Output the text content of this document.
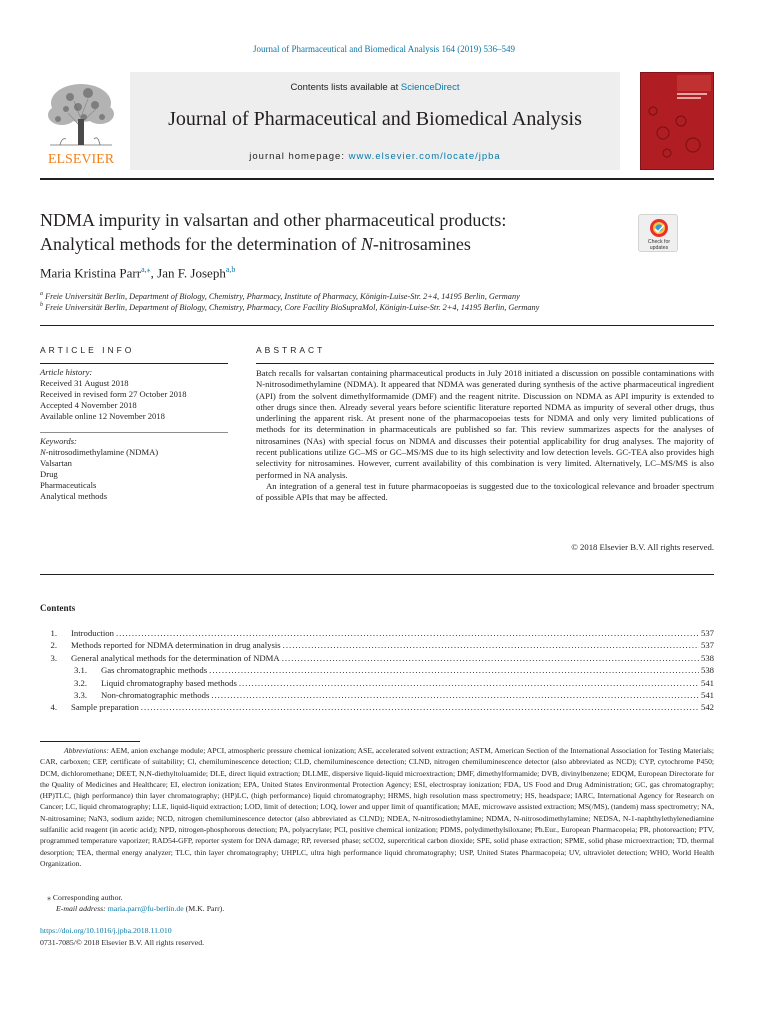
Journal of Pharmaceutical and Biomedical Analysis 164 (2019) 536–549
ELSEVIER
Contents lists available at ScienceDirect
Journal of Pharmaceutical and Biomedical Analysis
journal homepage: www.elsevier.com/locate/jpba
NDMA impurity in valsartan and other pharmaceutical products:
Analytical methods for the determination of N-nitrosamines	Check for
updates
Maria Kristina Parr$^{a,⁎}$, Jan F. Joseph$^{a,b}$
$^a$ Freie Universität Berlin, Department of Biology, Chemistry, Pharmacy, Institute of Pharmacy, Königin-Luise-Str. 2+4, 14195 Berlin, Germany
$^b$ Freie Universität Berlin, Department of Biology, Chemistry, Pharmacy, Core Facility BioSupraMol, Königin-Luise-Str. 2+4, 14195 Berlin, Germany
ARTICLE INFO
Article history:
Received 31 August 2018
Received in revised form 27 October 2018
Accepted 4 November 2018
Available online 12 November 2018
Keywords:
N-nitrosodimethylamine (NDMA)
Valsartan
Drug
Pharmaceuticals
Analytical methods
ABSTRACT

Batch recalls for valsartan containing pharmaceutical products in July 2018 initiated a discussion on possible contaminations with N-nitrosodimethylamine (NDMA). It appeared that NDMA was generated during synthesis of the active pharmaceutical ingredient (API) from the solvent dimethylformamide (DMF) and the reagent nitrite. Discussion on NDMA as API impurity is extended to other drugs since then. Already several years before scientific literature reported NDMA as impurity of several other drugs, thus underlining the apparent risk. At present none of the pharmacopoeias tests for NDMA and only very limited publications of methods for its determination in pharmaceuticals are published so far. This review summarizes aspects for the analyses of nitrosamines (NAs) with special focus on NDMA and discusses their potential applicability for drug analyses. The majority of recent publications utilize GC–MS or GC–MS/MS due to its high selectivity and low detection levels. GC-TEA also provides high selectivity for nitrosamines. However, current availability of this combination is very limited. Alternatively, LC–MS/MS is also performed in NA analysis.

An integration of a general test in future pharmacopoeias is suggested due to the toxicological relevance and broader spectrum of possible APIs that may be affected.

© 2018 Elsevier B.V. All rights reserved.
Contents
1.	Introduction .....	537
2.	Methods reported for NDMA determination in drug analysis .....	537
3.	General analytical methods for the determination of NDMA .....	538
3.1.	Gas chromatographic methods .....	538
3.2.	Liquid chromatography based methods .....	541
3.3.	Non-chromatographic methods .....	541
4.	Sample preparation .....	542
Abbreviations: AEM, anion exchange module; APCI, atmospheric pressure chemical ionization; ASE, accelerated solvent extraction; ASTM, American Section of the International Association for Testing Materials; CAR, carboxen; CEP, certificate of suitability; Cl, chemiluminescence detection; CLD, chemiluminescence detection; CLND, nitrogen chemiluminescence detector (also abbreviated as NCD); CYP, cytochrome P450; DCM, dichloromethane; DEET, N,N-diethyltoluamide; DLE, direct liquid extraction; DLLME, dispersive liquid-liquid microextraction; DMF, dimethylformamide; DVB, divinylbenzene; EDQM, European Directorate for the Quality of Medicines and Healthcare; EI, electron ionization; EPA, United States Environmental Protection Agency; ESI, electrospray ionization; FDA, US Food and Drug Administration; GC, gas chromatography; (HP)TLC, (high performance) thin layer chromatography; (HP)LC, (high performance) liquid chromatography; HRMS, high resolution mass spectrometry; HS, headspace; IARC, International Agency for Research on Cancer; LC, liquid chromatography; LLE, liquid-liquid extraction; LOD, limit of detection; LOQ, lower and upper limit of quantification; MAE, microwave assisted extraction; MS(/MS), (tandem) mass spectrometry; NA, N-nitrosamine; NaN3, sodium azide; NCD, nitrogen chemiluminescence detector (also abbreviated as CLND); NDEA, N-nitrosodiethylamine; NDMA, N-nitrosodimethylamine; NEDSA, N-1-naphthylethylenediamine sulfanilic acid reagent (in acetic acid); NPD, nitrogen-phosphorous detection; PA, polyacrylate; PCI, positive chemical ionization; PDMS, polydimethylsiloxane; Ph.Eur., European Pharmacopeia; PR, photoreaction; PTV, programmed temperature vaporizer; RAD54-GFP, reporter system for DNA damage; RP, reversed phase; scCO2, supercritical carbon dioxide; SPE, solid phase extraction; SPME, solid phase microextraction; TD, thermal desorption; TEA, thermal energy analyzer; TLC, thin layer chromatography; UHPLC, ultra high performance liquid chromatography; USP, United States Pharmacopeia; UV, ultraviolet detection; WHO, World Health Organization.
⁎ Corresponding author.
E-mail address: maria.parr@fu-berlin.de (M.K. Parr).
https://doi.org/10.1016/j.jpba.2018.11.010
0731-7085/© 2018 Elsevier B.V. All rights reserved.
